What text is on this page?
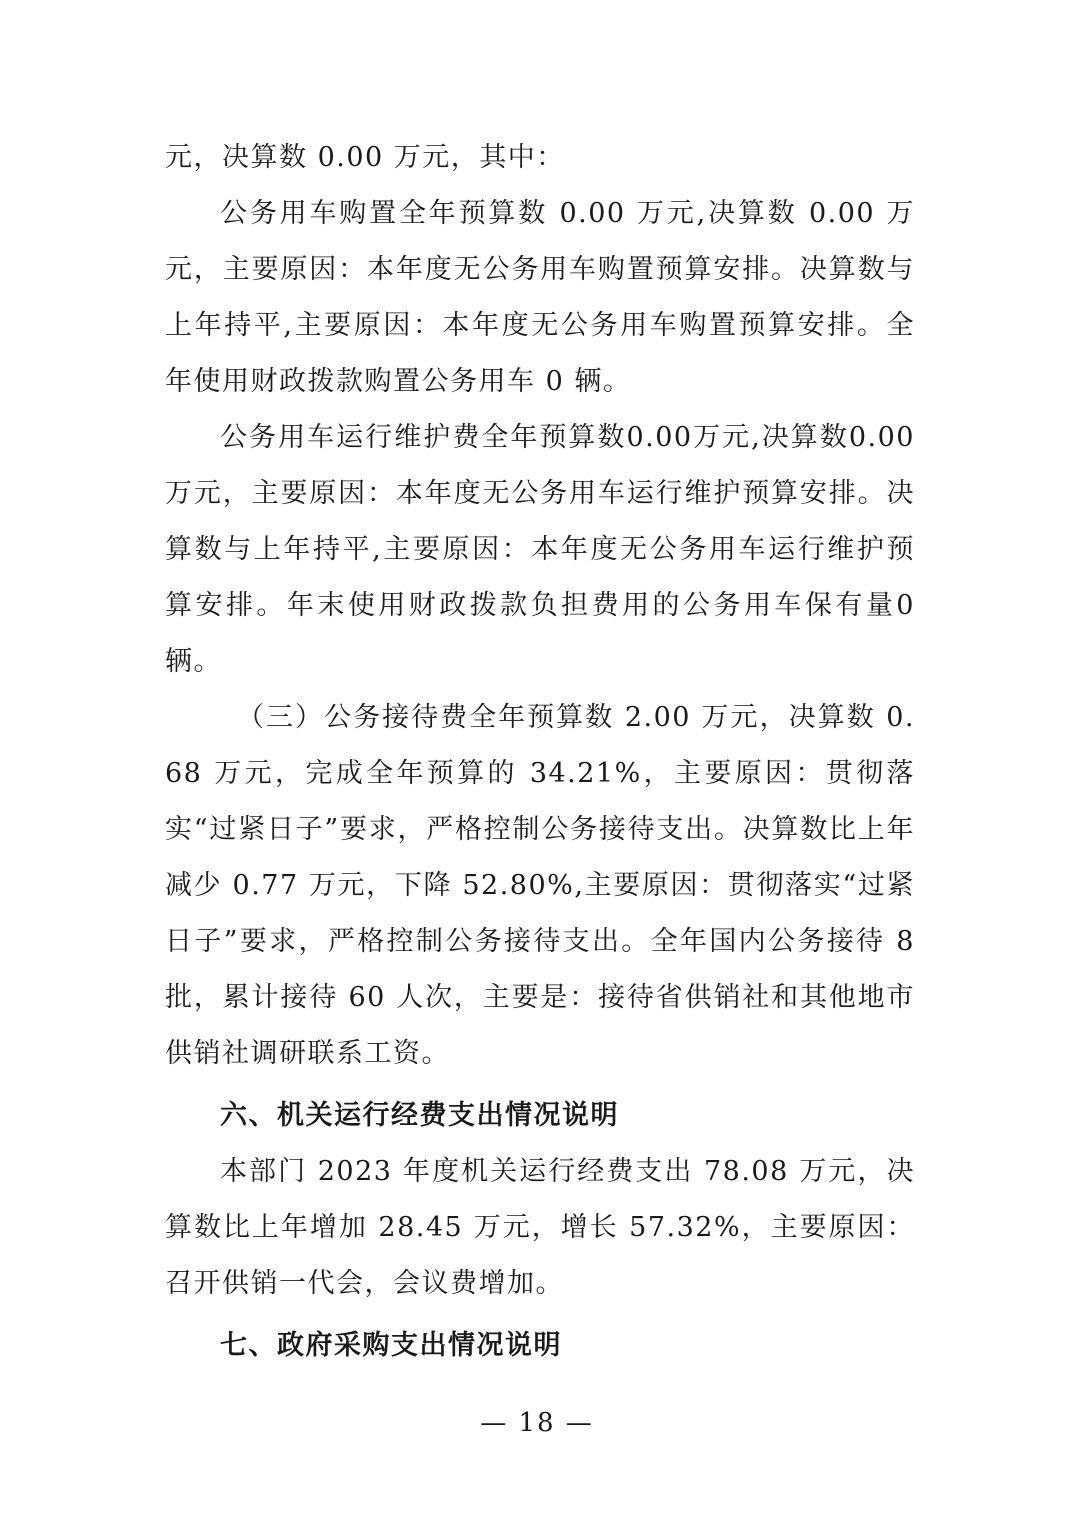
元，决算数 0.00 万元，其中：

公务用车购置全年预算数 0.00 万元,决算数 0.00 万元，主要原因：本年度无公务用车购置预算安排。决算数与上年持平,主要原因：本年度无公务用车购置预算安排。全年使用财政拨款购置公务用车 0 辆。

公务用车运行维护费全年预算数0.00万元,决算数0.00万元，主要原因：本年度无公务用车运行维护预算安排。决算数与上年持平,主要原因：本年度无公务用车运行维护预算安排。年末使用财政拨款负担费用的公务用车保有量0辆。

（三）公务接待费全年预算数 2.00 万元，决算数 0.68 万元，完成全年预算的 34.21%，主要原因：贯彻落实“过紧日子”要求，严格控制公务接待支出。决算数比上年减少 0.77 万元，下降 52.80%,主要原因：贯彻落实“过紧日子”要求，严格控制公务接待支出。全年国内公务接待 8 批，累计接待 60 人次，主要是：接待省供销社和其他地市供销社调研联系工资。

六、机关运行经费支出情况说明

本部门 2023 年度机关运行经费支出 78.08 万元，决算数比上年增加 28.45 万元，增长 57.32%，主要原因：召开供销一代会，会议费增加。

七、政府采购支出情况说明
— 18 —
